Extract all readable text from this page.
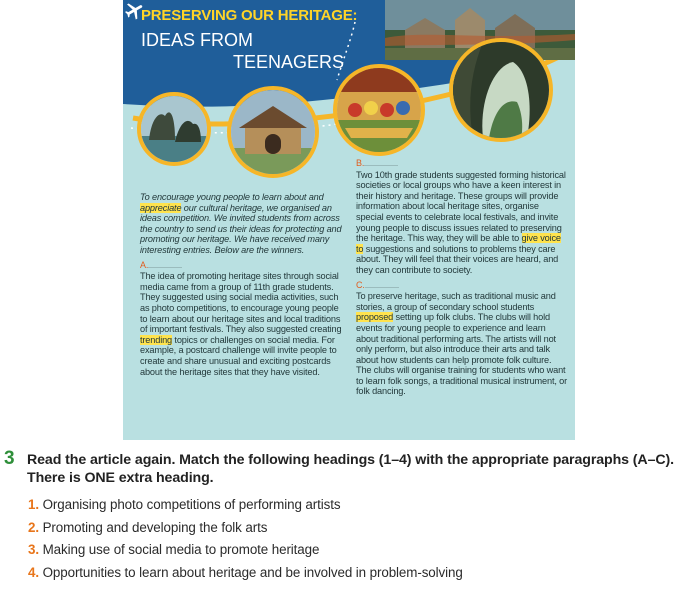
PRESERVING OUR HERITAGE:
IDEAS FROM
TEENAGERS

To encourage young people to learn about and appreciate our cultural heritage, we organised an ideas competition. We invited students from across the country to send us their ideas for protecting and promoting our heritage. We have received many interesting entries. Below are the winners.

A.

The idea of promoting heritage sites through social media came from a group of 11th grade students. They suggested using social media activities, such as photo competitions, to encourage young people to learn about our heritage sites and local traditions of important festivals. They also suggested creating trending topics or challenges on social media. For example, a postcard challenge will invite people to create and share unusual and exciting postcards about the heritage sites that they have visited.

B.

Two 10th grade students suggested forming historical societies or local groups who have a keen interest in their history and heritage. These groups will provide information about local heritage sites, organise special events to celebrate local festivals, and invite young people to discuss issues related to preserving the heritage. This way, they will be able to give voice to suggestions and solutions to problems they care about. They will feel that their voices are heard, and they can contribute to society.

C.

To preserve heritage, such as traditional music and stories, a group of secondary school students proposed setting up folk clubs. The clubs will hold events for young people to experience and learn about traditional performing arts. The artists will not only perform, but also introduce their arts and talk about how students can help promote folk culture. The clubs will organise training for students who want to learn folk songs, a traditional musical instrument, or folk dancing.

3 Read the article again. Match the following headings (1–4) with the appropriate paragraphs (A–C). There is ONE extra heading.
1. Organising photo competitions of performing artists
2. Promoting and developing the folk arts
3. Making use of social media to promote heritage
4. Opportunities to learn about heritage and be involved in problem-solving
